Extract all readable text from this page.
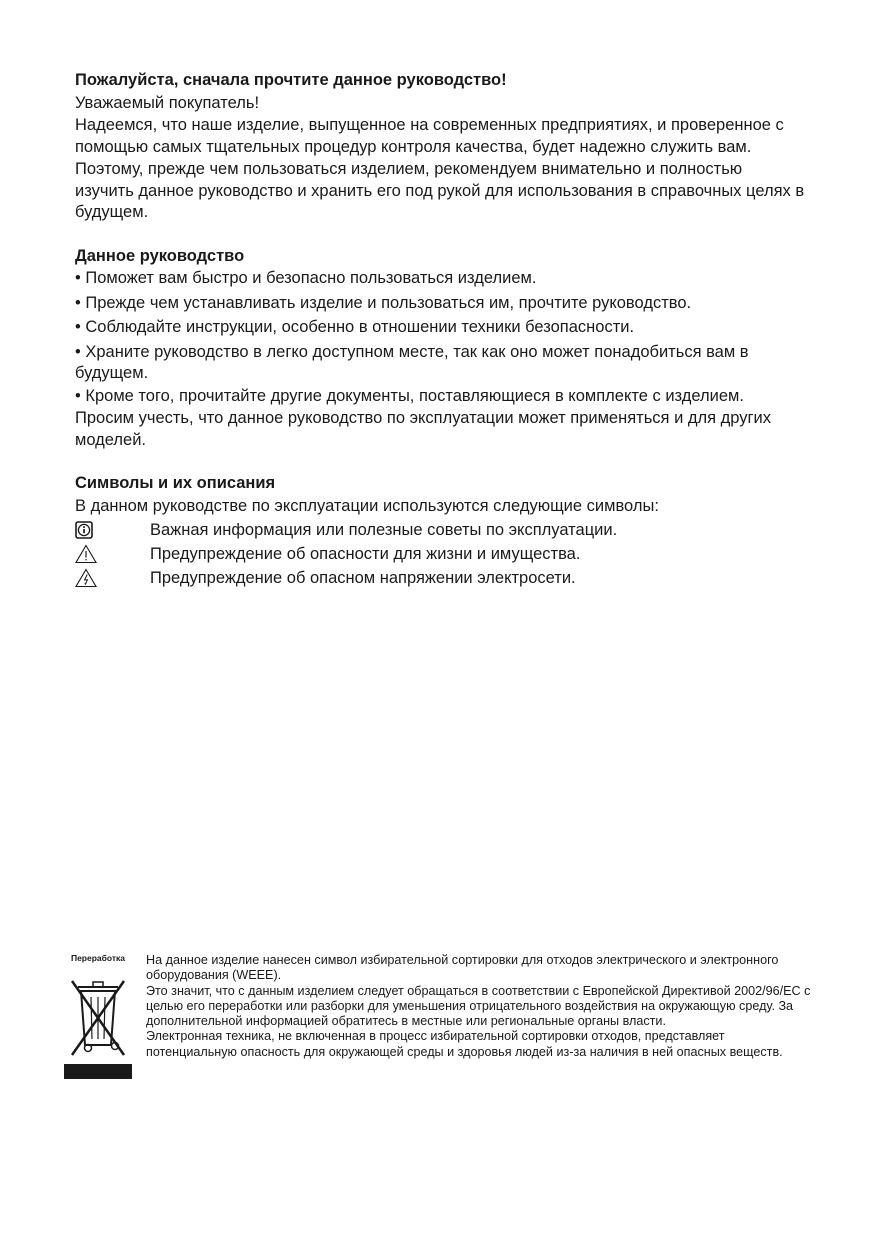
Пожалуйста, сначала прочтите данное руководство!

Уважаемый покупатель!

Надеемся, что наше изделие, выпущенное на современных предприятиях, и проверенное с помощью самых тщательных процедур контроля качества, будет надежно служить вам.

Поэтому, прежде чем пользоваться изделием, рекомендуем внимательно и полностью изучить данное руководство и хранить его под рукой для использования в справочных целях в будущем.

Данное руководство

• Поможет вам быстро и безопасно пользоваться изделием.

• Прежде чем устанавливать изделие и пользоваться им, прочтите руководство.

• Соблюдайте инструкции, особенно в отношении техники безопасности.

• Храните руководство в легко доступном месте, так как оно может понадобиться вам в будущем.

• Кроме того, прочитайте другие документы, поставляющиеся в комплекте с изделием.

Просим учесть, что данное руководство по эксплуатации может применяться и для других моделей.

Символы и их описания

В данном руководстве по эксплуатации используются следующие символы:

Важная информация или полезные советы по эксплуатации.
Предупреждение об опасности для жизни и имущества.
Предупреждение об опасном напряжении электросети.
Переработка	На данное изделие нанесен символ избирательной сортировки для отходов электрического и электронного оборудования (WEEE).

Это значит, что с данным изделием следует обращаться в соответствии с Европейской Директивой 2002/96/EC с целью его переработки или разборки для уменьшения отрицательного воздействия на окружающую среду. За дополнительной информацией обратитесь в местные или региональные органы власти.

Электронная техника, не включенная в процесс избирательной сортировки отходов, представляет потенциальную опасность для окружающей среды и здоровья людей из-за наличия в ней опасных веществ.
